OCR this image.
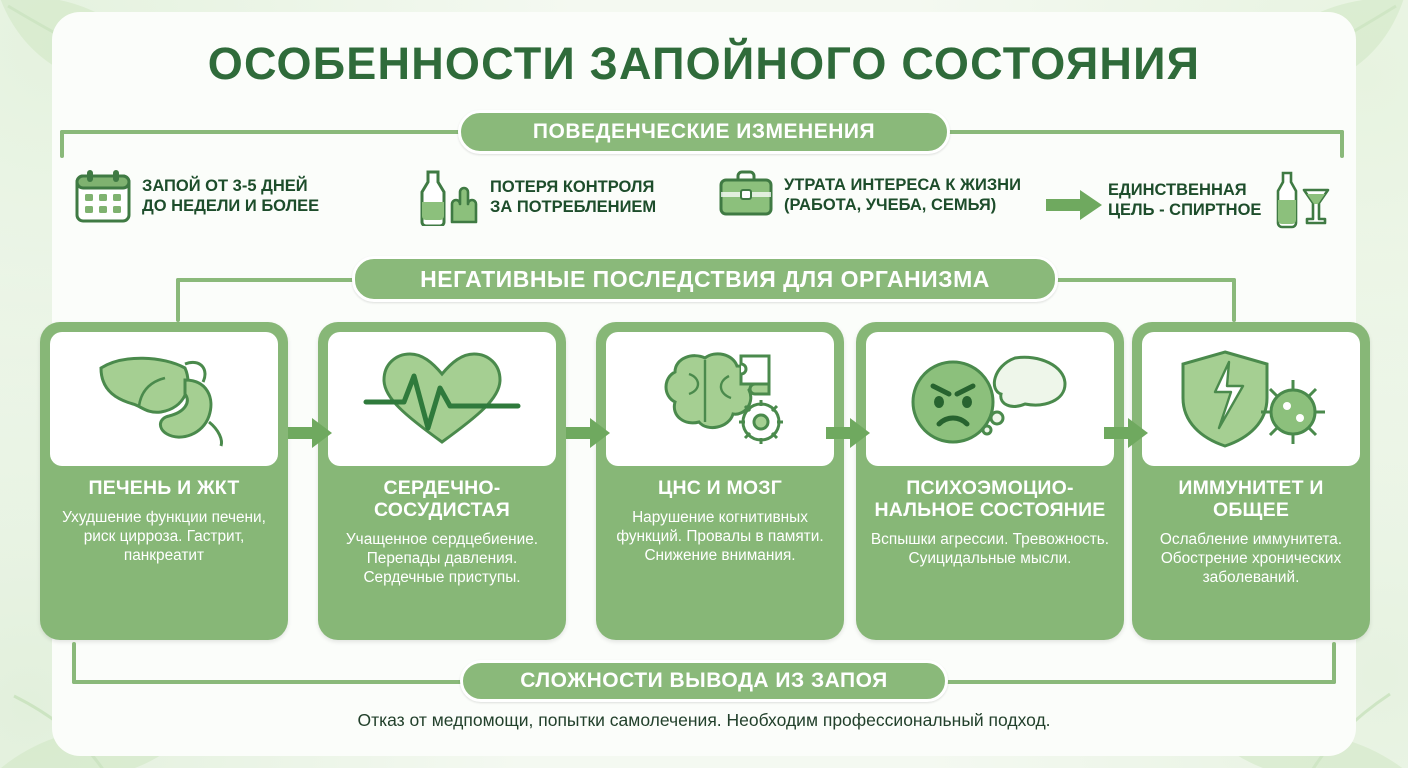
ОСОБЕННОСТИ ЗАПОЙНОГО СОСТОЯНИЯ
ПОВЕДЕНЧЕСКИЕ ИЗМЕНЕНИЯ
ЗАПОЙ ОТ 3-5 ДНЕЙ
ДО НЕДЕЛИ И БОЛЕЕ
ПОТЕРЯ КОНТРОЛЯ
ЗА ПОТРЕБЛЕНИЕМ
УТРАТА ИНТЕРЕСА К ЖИЗНИ
(РАБОТА, УЧЕБА, СЕМЬЯ)
ЕДИНСТВЕННАЯ
ЦЕЛЬ - СПИРТНОЕ
НЕГАТИВНЫЕ ПОСЛЕДСТВИЯ ДЛЯ ОРГАНИЗМА
ПЕЧЕНЬ И ЖКТ

Ухудшение функции печени, риск цирроза. Гастрит, панкреатит

СЕРДЕЧНО-СОСУДИСТАЯ

Учащенное сердцебиение. Перепады давления. Сердечные приступы.

ЦНС И МОЗГ

Нарушение когнитивных функций. Провалы в памяти. Снижение внимания.

ПСИХОЭМОЦИО-НАЛЬНОЕ СОСТОЯНИЕ

Вспышки агрессии. Тревожность. Суицидальные мысли.

ИММУНИТЕТ И ОБЩЕЕ

Ослабление иммунитета. Обострение хронических заболеваний.

СЛОЖНОСТИ ВЫВОДА ИЗ ЗАПОЯ
Отказ от медпомощи, попытки самолечения. Необходим профессиональный подход.
